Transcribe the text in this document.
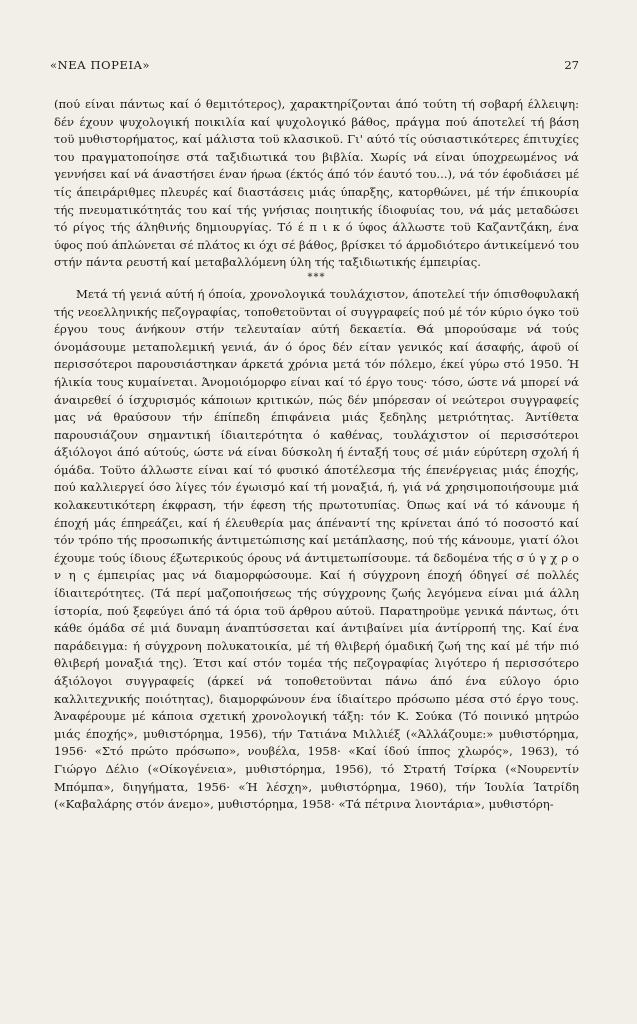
«ΝΕΑ ΠΟΡΕΙΑ»	27

(πού είναι πάντως καί ό θεμιτότερος), χαρακτηρίζονται άπό τούτη τή σοβαρή έλλειψη: δέν έχουν ψυχολογική ποικιλία καί ψυχολογικό βάθος, πράγμα πού άποτελεί τή βάση τοϋ μυθιστορήματος, καί μάλιστα τοϋ κλασικοϋ. Γι' αύτό τίς ούσιαστικότερες έπιτυχίες του πραγματοποίησε στά ταξιδιωτικά του βιβλία. Χωρίς νά είναι ύποχρεωμένος νά γεννήσει καί νά άναστήσει έναν ήρωα (έκτός άπό τόν έαυτό του...), νά τόν έφοδιάσει μέ τίς άπειράριθμες πλευρές καί διαστάσεις μιάς ύπαρξης, κατορθώνει, μέ τήν έπικουρία τής πνευματικότητάς του καί τής γνήσιας ποιητικής ίδιοφυίας του, νά μάς μεταδώσει τό ρίγος τής άληθινής δημιουργίας. Τό έ π ι κ ό ύφος άλλωστε τοϋ Καζαντζάκη, ένα ύφος πού άπλώνεται σέ πλάτος κι όχι σέ βάθος, βρίσκει τό άρμοδιότερο άντικείμενό του στήν πάντα ρευστή καί μεταβαλλόμενη ύλη τής ταξιδιωτικής έμπειρίας.

***

Μετά τή γενιά αύτή ή όποία, χρονολογικά τουλάχιστον, άποτελεί τήν όπισθοφυλακή τής νεοελληνικής πεζογραφίας, τοποθετοϋνται οί συγγραφείς πού μέ τόν κύριο όγκο τοϋ έργου τους άνήκουν στήν τελευταίαν αύτή δεκαετία. Θά μπορούσαμε νά τούς όνομάσουμε μεταπολεμική γενιά, άν ό όρος δέν είταν γενικός καί άσαφής, άφοϋ οί περισσότεροι παρουσιάστηκαν άρκετά χρόνια μετά τόν πόλεμο, έκεί γύρω στό 1950. Ή ήλικία τους κυμαίνεται. Άνομοιόμορφο είναι καί τό έργο τους· τόσο, ώστε νά μπορεί νά άναιρεθεί ό ίσχυρισμός κάποιων κριτικών, πώς δέν μπόρεσαν οί νεώτεροι συγγραφείς μας νά θραύσουν τήν έπίπεδη έπιφάνεια μιάς ξεδηλης μετριότητας. Άντίθετα παρουσιάζουν σημαντική ίδιαιτερότητα ό καθένας, τουλάχιστον οί περισσότεροι άξιόλογοι άπό αύτούς, ώστε νά είναι δύσκολη ή ένταξή τους σέ μιάν εύρύτερη σχολή ή όμάδα. Τοϋτο άλλωστε είναι καί τό φυσικό άποτέλεσμα τής έπενέργειας μιάς έποχής, πού καλλιεργεί όσο λίγες τόν έγωισμό καί τή μοναξιά, ή, γιά νά χρησιμοποιήσουμε μιά κολακευτικότερη έκφραση, τήν έφεση τής πρωτοτυπίας. Όπως καί νά τό κάνουμε ή έποχή μάς έπηρεάζει, καί ή έλευθερία μας άπέναντί της κρίνεται άπό τό ποσοστό καί τόν τρόπο τής προσωπικής άντιμετώπισης καί μετάπλασης, πού τής κάνουμε, γιατί όλοι έχουμε τούς ίδιους έξωτερικούς όρους νά άντιμετωπίσουμε. τά δεδομένα τής σ ύ γ χ ρ ο ν η ς έμπειρίας μας νά διαμορφώσουμε. Καί ή σύγχρονη έποχή όδηγεί σέ πολλές ίδιαιτερότητες. (Τά περί μαζοποιήσεως τής σύγχρονης ζωής λεγόμενα είναι μιά άλλη ίστορία, πού ξεφεύγει άπό τά όρια τοϋ άρθρου αύτοϋ. Παρατηροϋμε γενικά πάντως, ότι κάθε όμάδα σέ μιά δυναμη άναπτύσσεται καί άντιβαίνει μία άντίρροπή της. Καί ένα παράδειγμα: ή σύγχρονη πολυκατοικία, μέ τή θλιβερή όμαδική ζωή της καί μέ τήν πιό θλιβερή μοναξιά της). Έτσι καί στόν τομέα τής πεζογραφίας λιγότερο ή περισσότερο άξιόλογοι συγγραφείς (άρκεί νά τοποθετοϋνται πάνω άπό ένα εύλογο όριο καλλιτεχνικής ποιότητας), διαμορφώνουν ένα ίδιαίτερο πρόσωπο μέσα στό έργο τους. Άναφέρουμε μέ κάποια σχετική χρονολογική τάξη: τόν Κ. Σούκα (Τό ποινικό μητρώο μιάς έποχής», μυθιστόρημα, 1956), τήν Τατιάνα Μιλλιέξ («Άλλάζουμε:» μυθιστόρημα, 1956· «Στό πρώτο πρόσωπο», νουβέλα, 1958· «Καί ίδού ίππος χλωρός», 1963), τό Γιώργο Δέλιο («Οίκογένεια», μυθιστόρημα, 1956), τό Στρατή Τσίρκα («Νουρεντίν Μπόμπα», διηγήματα, 1956· «Ή λέσχη», μυθιστόρημα, 1960), τήν Ίουλία Ίατρίδη («Καβαλάρης στόν άνεμο», μυθιστόρημα, 1958· «Τά πέτρινα λιοντάρια», μυθιστόρη-
